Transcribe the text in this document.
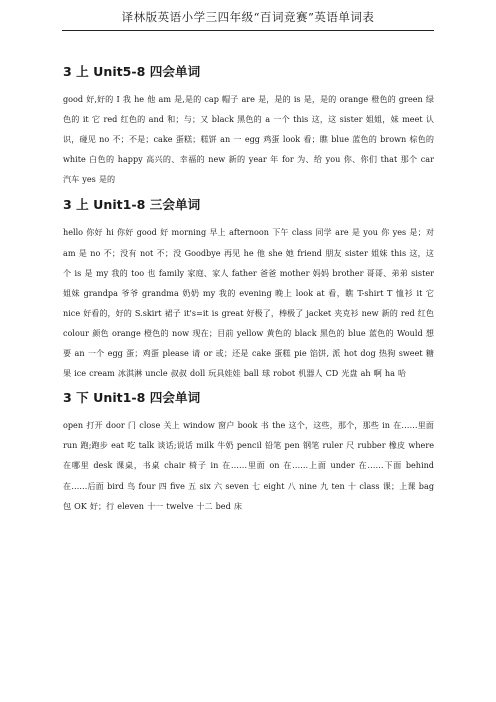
译林版英语小学三四年级“百词竞赛”英语单词表
3 上 Unit5-8 四会单词
good 好,好的 I 我 he 他 am 是,是的 cap 帽子 are 是，是的 is 是，是的 orange 橙色的 green 绿色的 it 它 red 红色的 and 和；与；又 black 黑色的 a 一个 this 这，这 sister 姐姐，妹 meet 认识，碰见 no 不；不是；cake 蛋糕；糕饼 an 一 egg 鸡蛋 look 看；瞧 blue 蓝色的 brown 棕色的 white 白色的 happy 高兴的、幸福的 new 新的 year 年 for 为、给 you 你、你们 that 那个 car 汽车 yes 是的
3 上 Unit1-8 三会单词
hello 你好 hi 你好 good 好 morning 早上 afternoon 下午 class 同学 are 是 you 你 yes 是；对 am 是 no 不；没有 not 不；没 Goodbye 再见 he 他 she 她 friend 朋友 sister 姐妹 this 这，这个 is 是 my 我的 too 也 family 家庭、家人 father 爸爸 mother 妈妈 brother 哥哥、弟弟 sister 姐妹 grandpa 爷爷 grandma 奶奶 my 我的 evening 晚上 look at 看，瞧 T-shirt T 恤衫 it 它 nice 好看的，好的 S.skirt 裙子 it's=it is great 好极了，棒极了 jacket 夹克衫 new 新的 red 红色 colour 颜色 orange 橙色的 now 现在；目前 yellow 黄色的 black 黑色的 blue 蓝色的 Would 想要 an 一个 egg 蛋；鸡蛋 please 请 or 或；还是 cake 蛋糕 pie 馅饼, 派 hot dog 热狗 sweet 糖果 ice cream 冰淇淋 uncle 叔叔 doll 玩具娃娃 ball 球 robot 机器人 CD 光盘 ah 啊 ha 哈
3 下 Unit1-8 四会单词
open 打开 door 门 close 关上 window 窗户 book 书 the 这个，这些，那个，那些 in 在……里面 run 跑;跑步 eat 吃 talk 谈话;说话 milk 牛奶 pencil 铅笔 pen 钢笔 ruler 尺 rubber 橡皮 where 在哪里 desk 课桌，书桌 chair 椅子 in 在……里面 on 在……上面 under 在……下面 behind 在……后面 bird 鸟 four 四 five 五 six 六 seven 七 eight 八 nine 九 ten 十 class 课；上课 bag 包 OK 好；行 eleven 十一 twelve 十二 bed 床
